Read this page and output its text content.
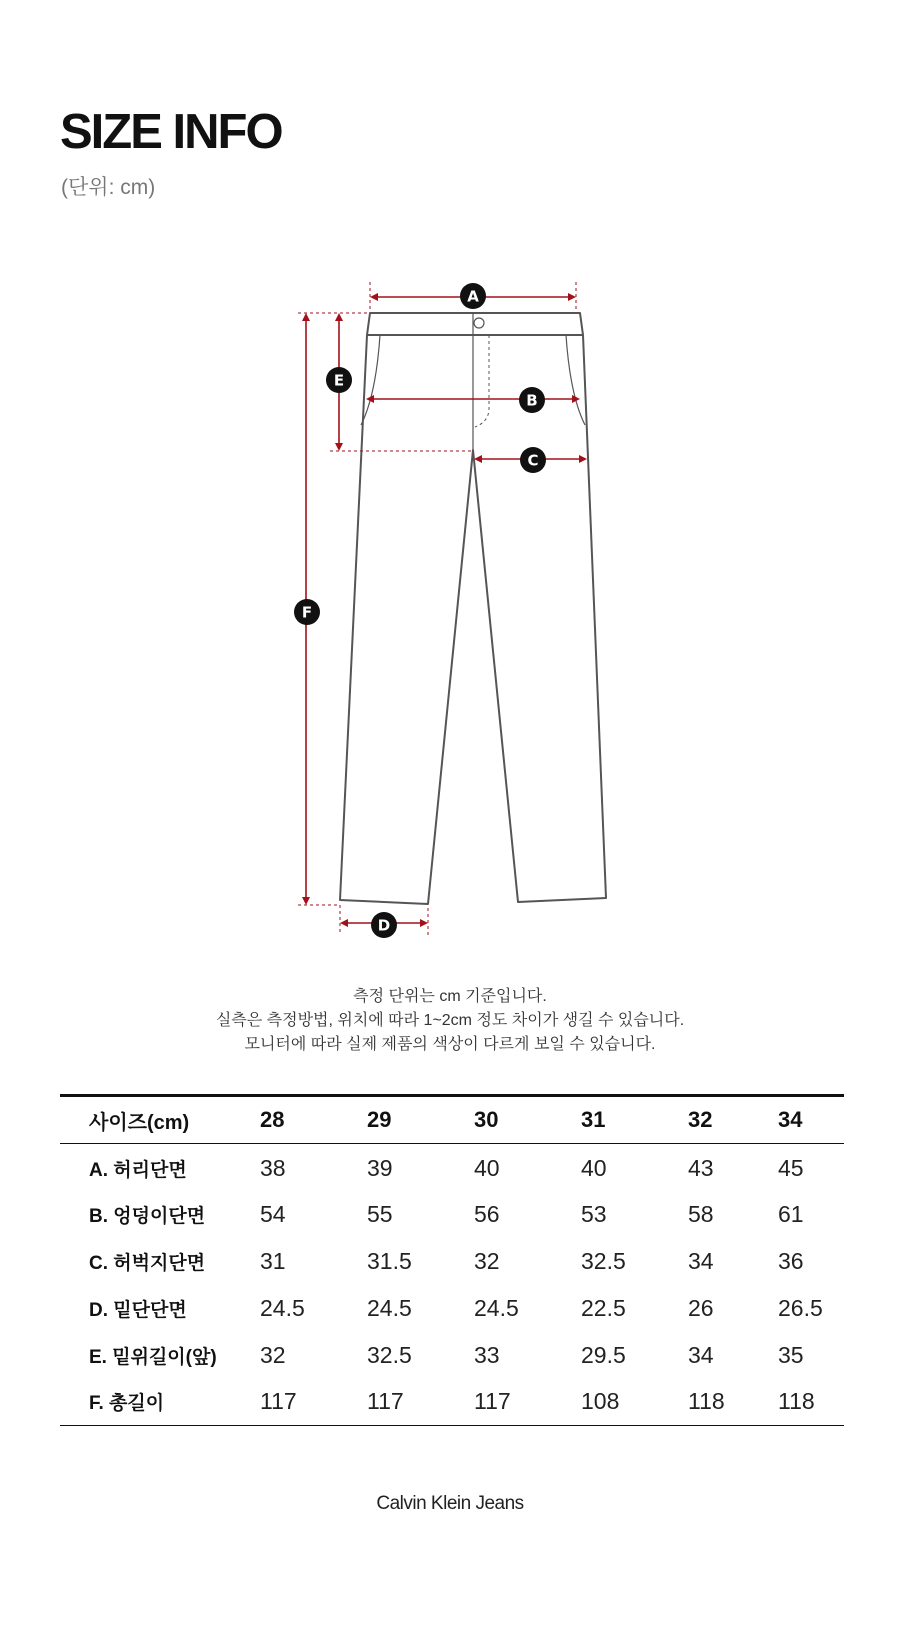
SIZE INFO
(단위: cm)
A
B
C
D
E
F
측정 단위는 cm 기준입니다.
실측은 측정방법, 위치에 따라 1~2cm 정도 차이가 생길 수 있습니다.
모니터에 따라 실제 제품의 색상이 다르게 보일 수 있습니다.
사이즈(cm)	28	29	30	31	32	34
A. 허리단면	38	39	40	40	43	45
B. 엉덩이단면	54	55	56	53	58	61
C. 허벅지단면	31	31.5	32	32.5	34	36
D. 밑단단면	24.5	24.5	24.5	22.5	26	26.5
E. 밑위길이(앞)	32	32.5	33	29.5	34	35
F. 총길이	117	117	117	108	118	118
Calvin Klein Jeans
